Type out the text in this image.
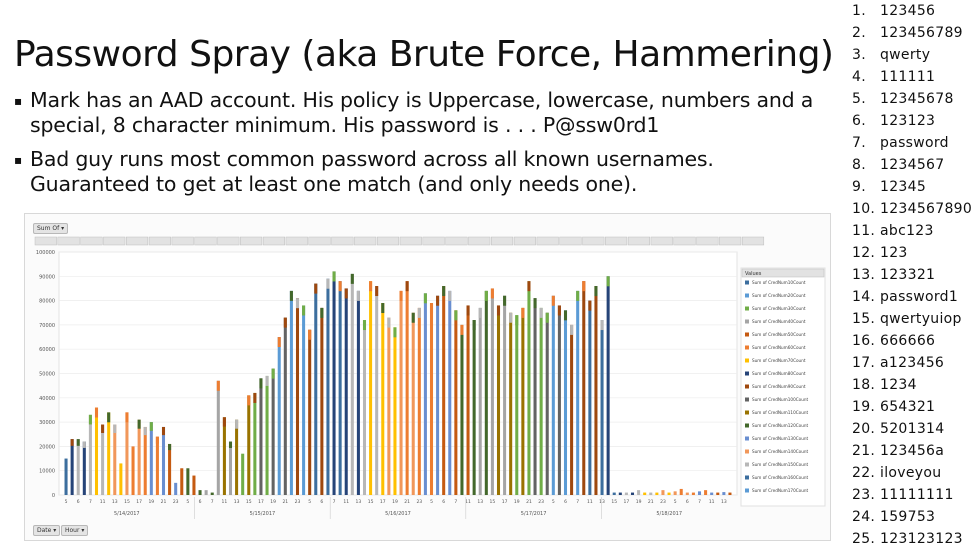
Password Spray (aka Brute Force, Hammering)
▪ Mark has an AAD account. His policy is Uppercase, lowercase, numbers and a special, 8 character minimum. His password is . . . P@ssw0rd1
▪ Bad guy runs most common password across all known usernames. Guaranteed to get at least one match (and only needs one).
1. 123456
2. 123456789
3. qwerty
4. 111111
5. 12345678
6. 123123
7. password
8. 1234567
9. 12345
10. 1234567890
11. abc123
12. 123
13. 123321
14. password1
15. qwertyuiop
16. 666666
17. a123456
18. 1234
19. 654321
20. 5201314
21. 123456a
22. iloveyou
23. 11111111
24. 159753
25. 123123123
100000
90000
80000
70000
60000
50000
40000
30000
20000
10000
0
5 6 7 11 13 15 17 19 21 23 5 6 7 11 13 15 17 19 21 23 5 6 7 11 13 15 17 19 21 23 5 6 7 11 13 15 17 19 21 23 5 6 7 11 13 15 17 19 21 23 5 6 7 11 13
5/14/2017	5/15/2017	5/16/2017	5/17/2017	5/18/2017
Values
Sum of CredNum10Count
Sum of CredNum20Count
Sum of CredNum30Count
Sum of CredNum40Count
Sum of CredNum50Count
Sum of CredNum60Count
Sum of CredNum70Count
Sum of CredNum80Count
Sum of CredNum90Count
Sum of CredNum100Count
Sum of CredNum110Count
Sum of CredNum120Count
Sum of CredNum130Count
Sum of CredNum140Count
Sum of CredNum150Count
Sum of CredNum160Count
Sum of CredNum170Count
Sum Of ▾
Date ▾	Hour ▾
